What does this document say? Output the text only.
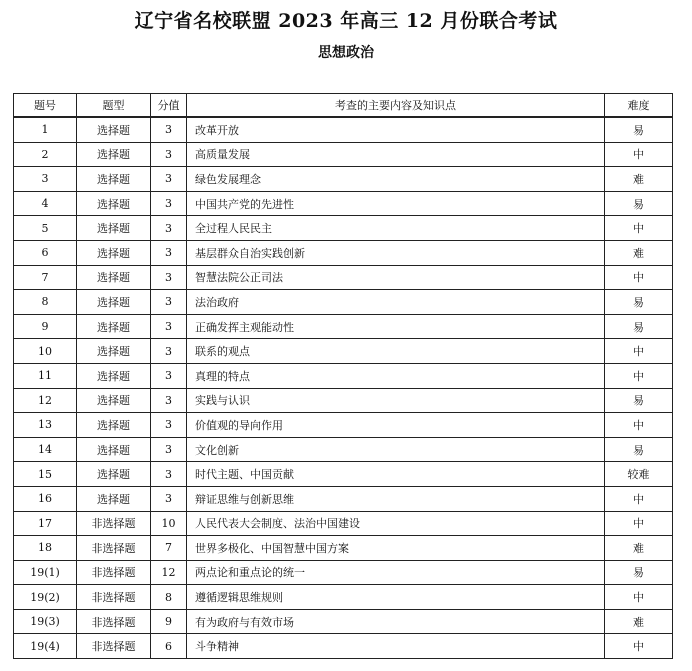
辽宁省名校联盟 2023 年高三 12 月份联合考试
思想政治
题号	题型	分值	考查的主要内容及知识点	难度
1	选择题	3	改革开放	易
2	选择题	3	高质量发展	中
3	选择题	3	绿色发展理念	难
4	选择题	3	中国共产党的先进性	易
5	选择题	3	全过程人民民主	中
6	选择题	3	基层群众自治实践创新	难
7	选择题	3	智慧法院公正司法	中
8	选择题	3	法治政府	易
9	选择题	3	正确发挥主观能动性	易
10	选择题	3	联系的观点	中
11	选择题	3	真理的特点	中
12	选择题	3	实践与认识	易
13	选择题	3	价值观的导向作用	中
14	选择题	3	文化创新	易
15	选择题	3	时代主题、中国贡献	较难
16	选择题	3	辩证思维与创新思维	中
17	非选择题	10	人民代表大会制度、法治中国建设	中
18	非选择题	7	世界多极化、中国智慧中国方案	难
19(1)	非选择题	12	两点论和重点论的统一	易
19(2)	非选择题	8	遵循逻辑思维规则	中
19(3)	非选择题	9	有为政府与有效市场	难
19(4)	非选择题	6	斗争精神	中
